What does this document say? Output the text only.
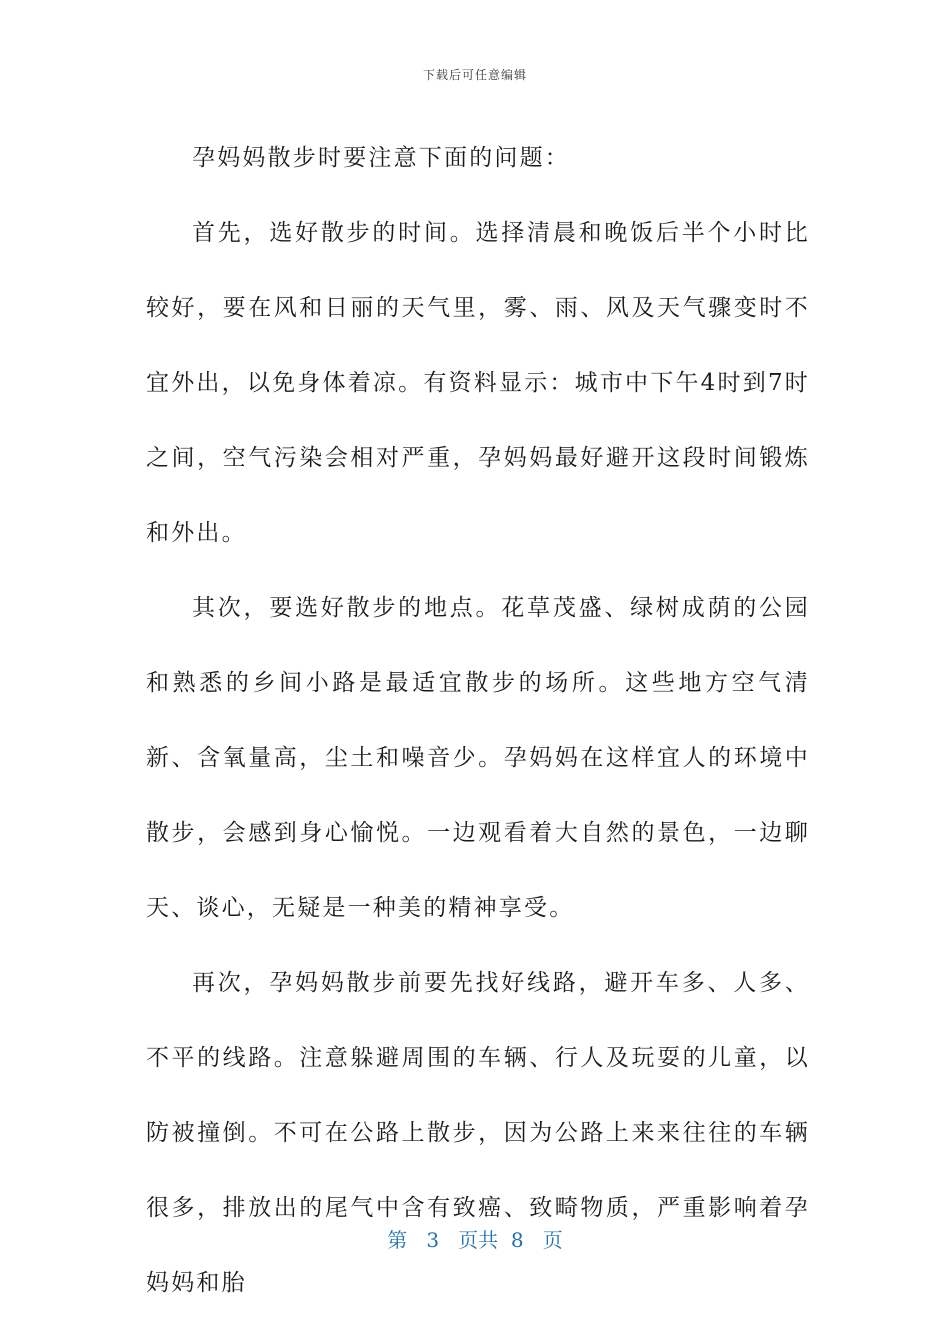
下载后可任意编辑

孕妈妈散步时要注意下面的问题：

首先，选好散步的时间。选择清晨和晚饭后半个小时比较好，要在风和日丽的天气里，雾、雨、风及天气骤变时不宜外出，以免身体着凉。有资料显示：城市中下午4时到7时之间，空气污染会相对严重，孕妈妈最好避开这段时间锻炼和外出。

其次，要选好散步的地点。花草茂盛、绿树成荫的公园和熟悉的乡间小路是最适宜散步的场所。这些地方空气清新、含氧量高，尘土和噪音少。孕妈妈在这样宜人的环境中散步，会感到身心愉悦。一边观看着大自然的景色，一边聊天、谈心，无疑是一种美的精神享受。

再次，孕妈妈散步前要先找好线路，避开车多、人多、不平的线路。注意躲避周围的车辆、行人及玩耍的儿童，以防被撞倒。不可在公路上散步，因为公路上来来往往的车辆很多，排放出的尾气中含有致癌、致畸物质，严重影响着孕妈妈和胎

第 3 页共 8 页
